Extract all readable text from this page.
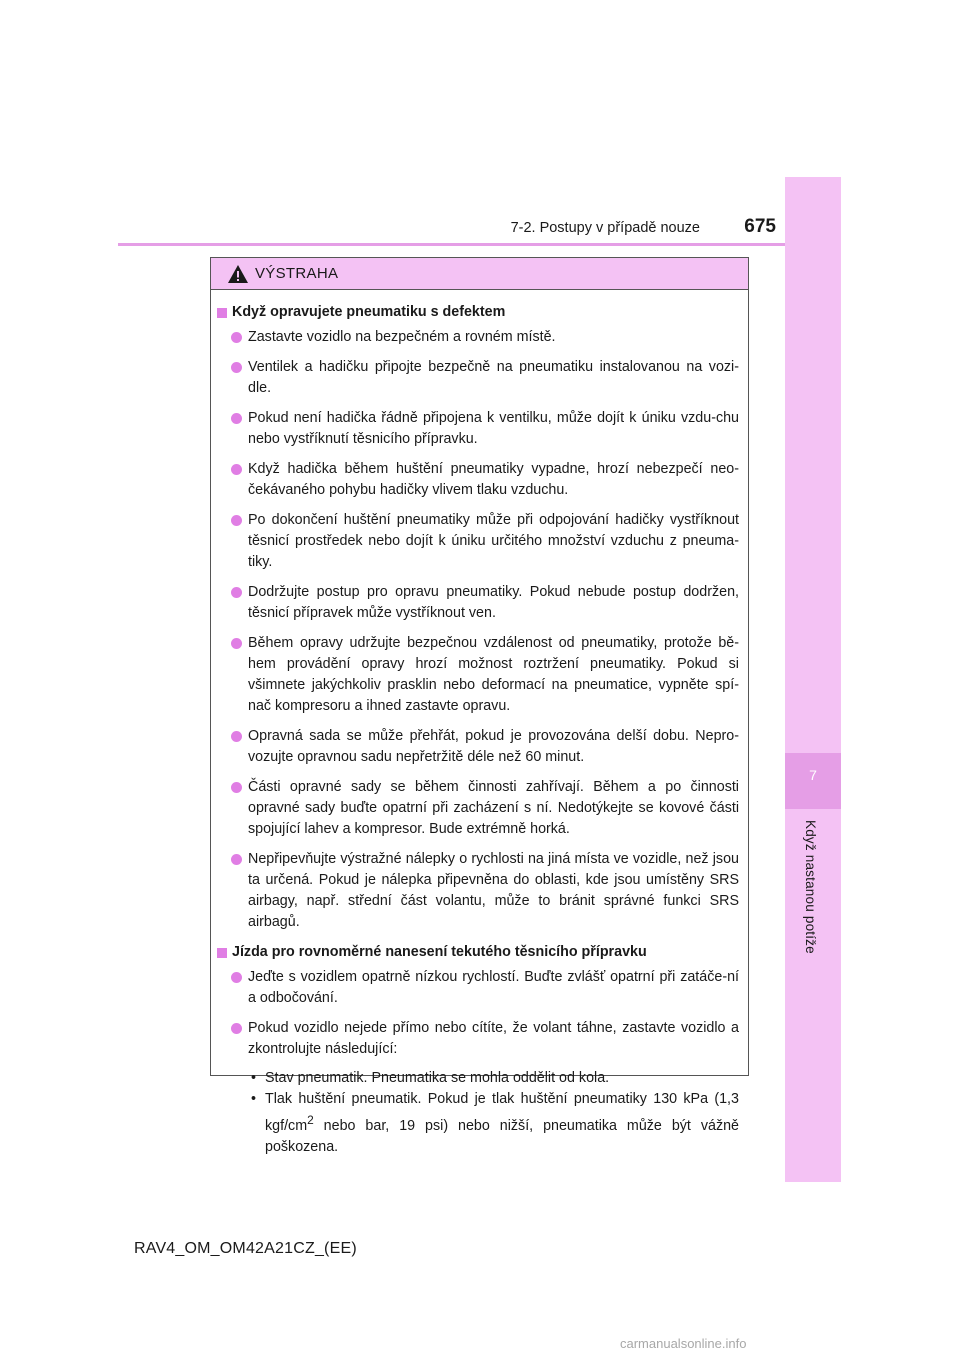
7-2. Postupy v případě nouze	675
7
Když nastanou potíže
VÝSTRAHA
Když opravujete pneumatiku s defektem
Zastavte vozidlo na bezpečném a rovném místě.
Ventilek a hadičku připojte bezpečně na pneumatiku instalovanou na vozi-dle.
Pokud není hadička řádně připojena k ventilku, může dojít k úniku vzdu-chu nebo vystříknutí těsnicího přípravku.
Když hadička během huštění pneumatiky vypadne, hrozí nebezpečí neo-čekávaného pohybu hadičky vlivem tlaku vzduchu.
Po dokončení huštění pneumatiky může při odpojování hadičky vystříknout těsnicí prostředek nebo dojít k úniku určitého množství vzduchu z pneuma-tiky.
Dodržujte postup pro opravu pneumatiky. Pokud nebude postup dodržen, těsnicí přípravek může vystříknout ven.
Během opravy udržujte bezpečnou vzdálenost od pneumatiky, protože bě-hem provádění opravy hrozí možnost roztržení pneumatiky. Pokud si všimnete jakýchkoliv prasklin nebo deformací na pneumatice, vypněte spí-nač kompresoru a ihned zastavte opravu.
Opravná sada se může přehřát, pokud je provozována delší dobu. Nepro-vozujte opravnou sadu nepřetržitě déle než 60 minut.
Části opravné sady se během činnosti zahřívají. Během a po činnosti opravné sady buďte opatrní při zacházení s ní. Nedotýkejte se kovové části spojující lahev a kompresor. Bude extrémně horká.
Nepřipevňujte výstražné nálepky o rychlosti na jiná místa ve vozidle, než jsou ta určená. Pokud je nálepka připevněna do oblasti, kde jsou umístěny SRS airbagy, např. střední část volantu, může to bránit správné funkci SRS airbagů.
Jízda pro rovnoměrné nanesení tekutého těsnicího přípravku
Jeďte s vozidlem opatrně nízkou rychlostí. Buďte zvlášť opatrní při zatáče-ní a odbočování.
Pokud vozidlo nejede přímo nebo cítíte, že volant táhne, zastavte vozidlo a zkontrolujte následující:
• Stav pneumatik. Pneumatika se mohla oddělit od kola.
• Tlak huštění pneumatik. Pokud je tlak huštění pneumatiky 130 kPa (1,3 kgf/$cm^2$ nebo bar, 19 psi) nebo nižší, pneumatika může být vážně poškozena.
RAV4_OM_OM42A21CZ_(EE)
carmanualsonline.info
